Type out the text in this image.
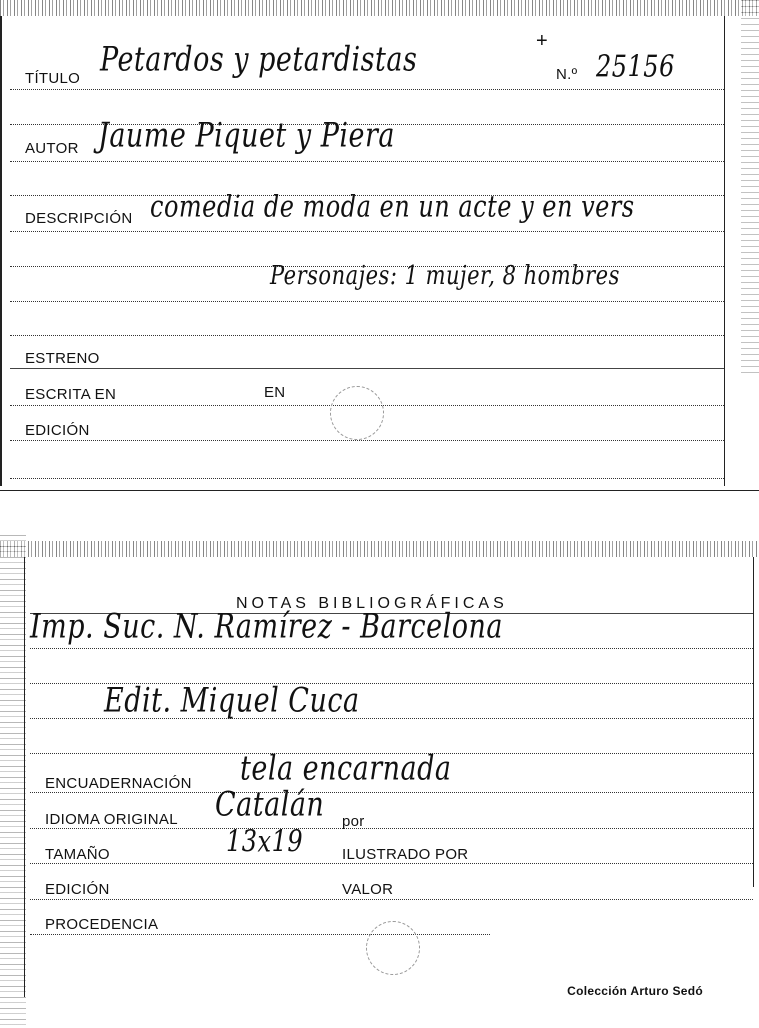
TÍTULO Petardos y petardistas	+
N.º 25156
AUTOR Jaume Piquet y Piera
DESCRIPCIÓN comedia de moda en un acte y en vers
Personajes: 1 mujer, 8 hombres
ESTRENO
ESCRITA EN	EN
EDICIÓN
NOTAS BIBLIOGRÁFICAS
Imp. Suc. N. Ramírez - Barcelona
Edit. Miquel Cuca
ENCUADERNACIÓN tela encarnada
IDIOMA ORIGINAL Catalán por
TAMAÑO	13x19	ILUSTRADO POR
EDICIÓN	VALOR
PROCEDENCIA
Colección Arturo Sedó
